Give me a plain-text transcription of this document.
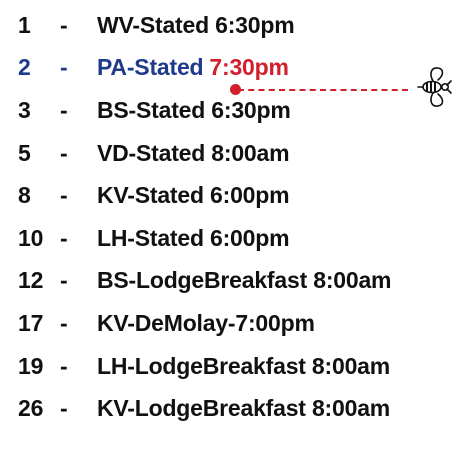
1	-	WV-Stated 6:30pm
2	-	PA-Stated 7:30pm
3	-	BS-Stated 6:30pm
5	-	VD-Stated 8:00am
8	-	KV-Stated 6:00pm
10 -	LH-Stated 6:00pm
12 -	BS-LodgeBreakfast 8:00am
17 -	KV-DeMolay-7:00pm
19 -	LH-LodgeBreakfast 8:00am
26 -	KV-LodgeBreakfast 8:00am
